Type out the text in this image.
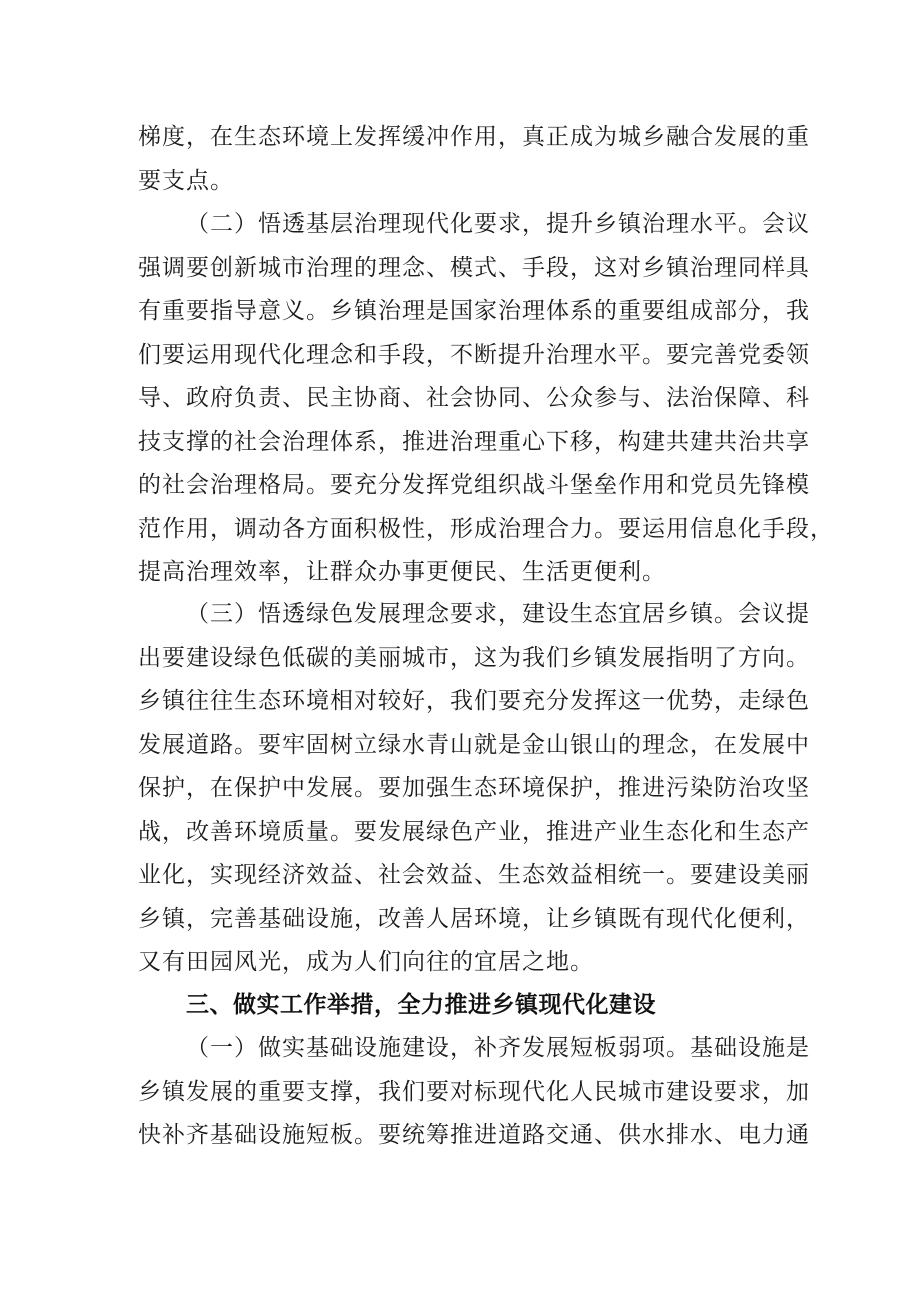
梯度，在生态环境上发挥缓冲作用，真正成为城乡融合发展的重
要支点。
（二）悟透基层治理现代化要求，提升乡镇治理水平。会议
强调要创新城市治理的理念、模式、手段，这对乡镇治理同样具
有重要指导意义。乡镇治理是国家治理体系的重要组成部分，我
们要运用现代化理念和手段，不断提升治理水平。要完善党委领
导、政府负责、民主协商、社会协同、公众参与、法治保障、科
技支撑的社会治理体系，推进治理重心下移，构建共建共治共享
的社会治理格局。要充分发挥党组织战斗堡垒作用和党员先锋模
范作用，调动各方面积极性，形成治理合力。要运用信息化手段，
提高治理效率，让群众办事更便民、生活更便利。
（三）悟透绿色发展理念要求，建设生态宜居乡镇。会议提
出要建设绿色低碳的美丽城市，这为我们乡镇发展指明了方向。
乡镇往往生态环境相对较好，我们要充分发挥这一优势，走绿色
发展道路。要牢固树立绿水青山就是金山银山的理念，在发展中
保护，在保护中发展。要加强生态环境保护，推进污染防治攻坚
战，改善环境质量。要发展绿色产业，推进产业生态化和生态产
业化，实现经济效益、社会效益、生态效益相统一。要建设美丽
乡镇，完善基础设施，改善人居环境，让乡镇既有现代化便利，
又有田园风光，成为人们向往的宜居之地。
三、做实工作举措，全力推进乡镇现代化建设
（一）做实基础设施建设，补齐发展短板弱项。基础设施是
乡镇发展的重要支撑，我们要对标现代化人民城市建设要求，加
快补齐基础设施短板。要统筹推进道路交通、供水排水、电力通
